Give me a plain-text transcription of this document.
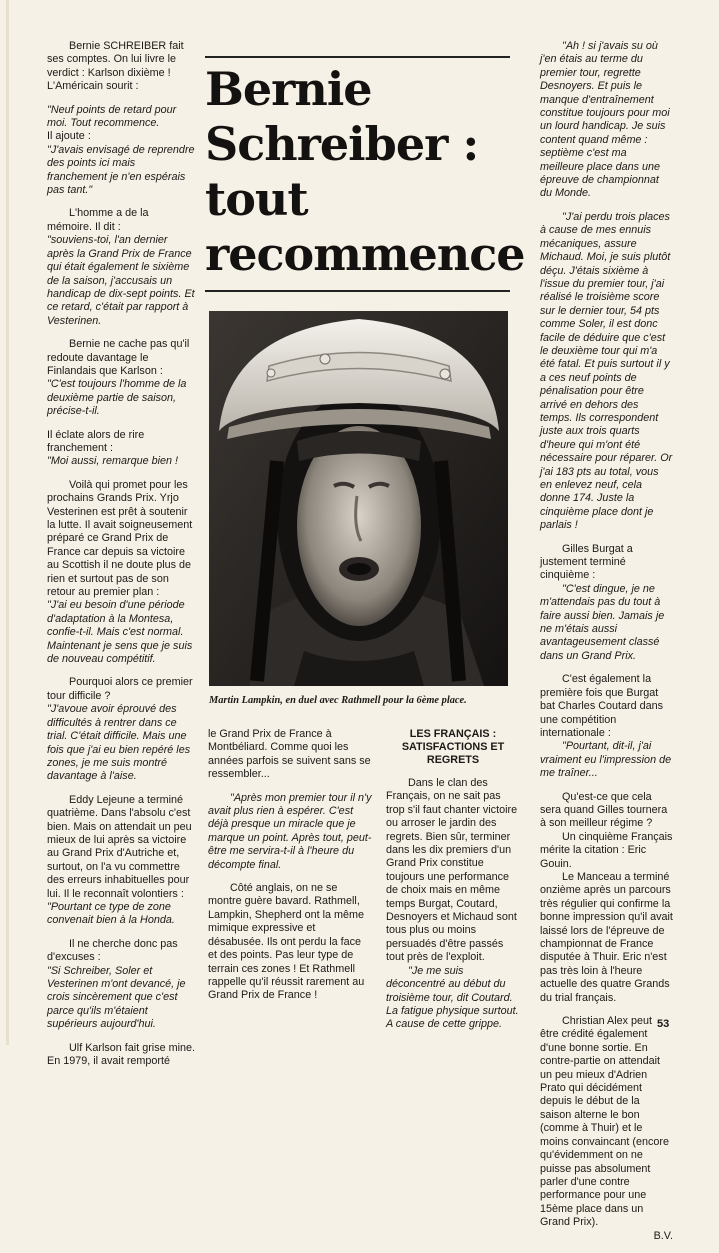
Bernie
Schreiber :
tout
recommence

Martin Lampkin, en duel avec Rathmell pour la 6ème place.

Bernie SCHREIBER fait ses comptes. On lui livre le verdict : Karlson dixième ! L'Américain sourit :

"Neuf points de retard pour moi. Tout recommence.

Il ajoute :

"J'avais envisagé de reprendre des points ici mais franchement je n'en espérais pas tant."

L'homme a de la mémoire. Il dit :

"souviens-toi, l'an dernier après la Grand Prix de France qui était également le sixième de la saison, j'accusais un handicap de dix-sept points. Et ce retard, c'était par rapport à Vesterinen.

Bernie ne cache pas qu'il redoute davantage le Finlandais que Karlson :

"C'est toujours l'homme de la deuxième partie de saison, précise-t-il.

Il éclate alors de rire franchement :

"Moi aussi, remarque bien !

Voilà qui promet pour les prochains Grands Prix. Yrjo Vesterinen est prêt à soutenir la lutte. Il avait soigneusement préparé ce Grand Prix de France car depuis sa victoire au Scottish il ne doute plus de rien et surtout pas de son retour au premier plan :

"J'ai eu besoin d'une période d'adaptation à la Montesa, confie-t-il. Mais c'est normal. Maintenant je sens que je suis de nouveau compétitif.

Pourquoi alors ce premier tour difficile ?

"J'avoue avoir éprouvé des difficultés à rentrer dans ce trial. C'était difficile. Mais une fois que j'ai eu bien repéré les zones, je me suis montré davantage à l'aise.

Eddy Lejeune a terminé quatrième. Dans l'absolu c'est bien. Mais on attendait un peu mieux de lui après sa victoire au Grand Prix d'Autriche et, surtout, on l'a vu commettre des erreurs inhabituelles pour lui. Il le reconnaît volontiers :

"Pourtant ce type de zone convenait bien à la Honda.

Il ne cherche donc pas d'excuses :

"Si Schreiber, Soler et Vesterinen m'ont devancé, je crois sincèrement que c'est parce qu'ils m'étaient supérieurs aujourd'hui.

Ulf Karlson fait grise mine. En 1979, il avait remporté

le Grand Prix de France à Montbéliard. Comme quoi les années parfois se suivent sans se ressembler...

"Après mon premier tour il n'y avait plus rien à espérer. C'est déjà presque un miracle que je marque un point. Après tout, peut-être me servira-t-il à l'heure du décompte final.

Côté anglais, on ne se montre guère bavard. Rathmell, Lampkin, Shepherd ont la même mimique expressive et désabusée. Ils ont perdu la face et des points. Pas leur type de terrain ces zones ! Et Rathmell rappelle qu'il réussit rarement au Grand Prix de France !

LES FRANÇAIS : SATISFACTIONS ET REGRETS

Dans le clan des Français, on ne sait pas trop s'il faut chanter victoire ou arroser le jardin des regrets. Bien sûr, terminer dans les dix premiers d'un Grand Prix constitue toujours une performance de choix mais en même temps Burgat, Coutard, Desnoyers et Michaud sont tous plus ou moins persuadés d'être passés tout près de l'exploit.

"Je me suis déconcentré au début du troisième tour, dit Coutard. La fatigue physique surtout. A cause de cette grippe.

"Ah ! si j'avais su où j'en étais au terme du premier tour, regrette Desnoyers. Et puis le manque d'entraînement constitue toujours pour moi un lourd handicap. Je suis content quand même : septième c'est ma meilleure place dans une épreuve de championnat du Monde.

"J'ai perdu trois places à cause de mes ennuis mécaniques, assure Michaud. Moi, je suis plutôt déçu. J'étais sixième à l'issue du premier tour, j'ai réalisé le troisième score sur le dernier tour, 54 pts comme Soler, il est donc facile de déduire que c'est le deuxième tour qui m'a été fatal. Et puis surtout il y a ces neuf points de pénalisation pour être arrivé en dehors des temps. Ils correspondent juste aux trois quarts d'heure qui m'ont été nécessaire pour réparer. Or j'ai 183 pts au total, vous en enlevez neuf, cela donne 174. Juste la cinquième place dont je parlais !

Gilles Burgat a justement terminé cinquième :

"C'est dingue, je ne m'attendais pas du tout à faire aussi bien. Jamais je ne m'étais aussi avantageusement classé dans un Grand Prix.

C'est également la première fois que Burgat bat Charles Coutard dans une compétition internationale :

"Pourtant, dit-il, j'ai vraiment eu l'impression de me traîner...

Qu'est-ce que cela sera quand Gilles tournera à son meilleur régime ?

Un cinquième Français mérite la citation : Eric Gouin.

Le Manceau a terminé onzième après un parcours très régulier qui confirme la bonne impression qu'il avait laissé lors de l'épreuve de championnat de France disputée à Thuir. Eric n'est pas très loin à l'heure actuelle des quatre Grands du trial français.

Christian Alex peut être crédité également d'une bonne sortie. En contre-partie on attendait un peu mieux d'Adrien Prato qui décidément depuis le début de la saison alterne le bon (comme à Thuir) et le moins convaincant (encore qu'évidemment on ne puisse pas absolument parler d'une contre performance pour une 15ème place dans un Grand Prix).

B.V.

53
